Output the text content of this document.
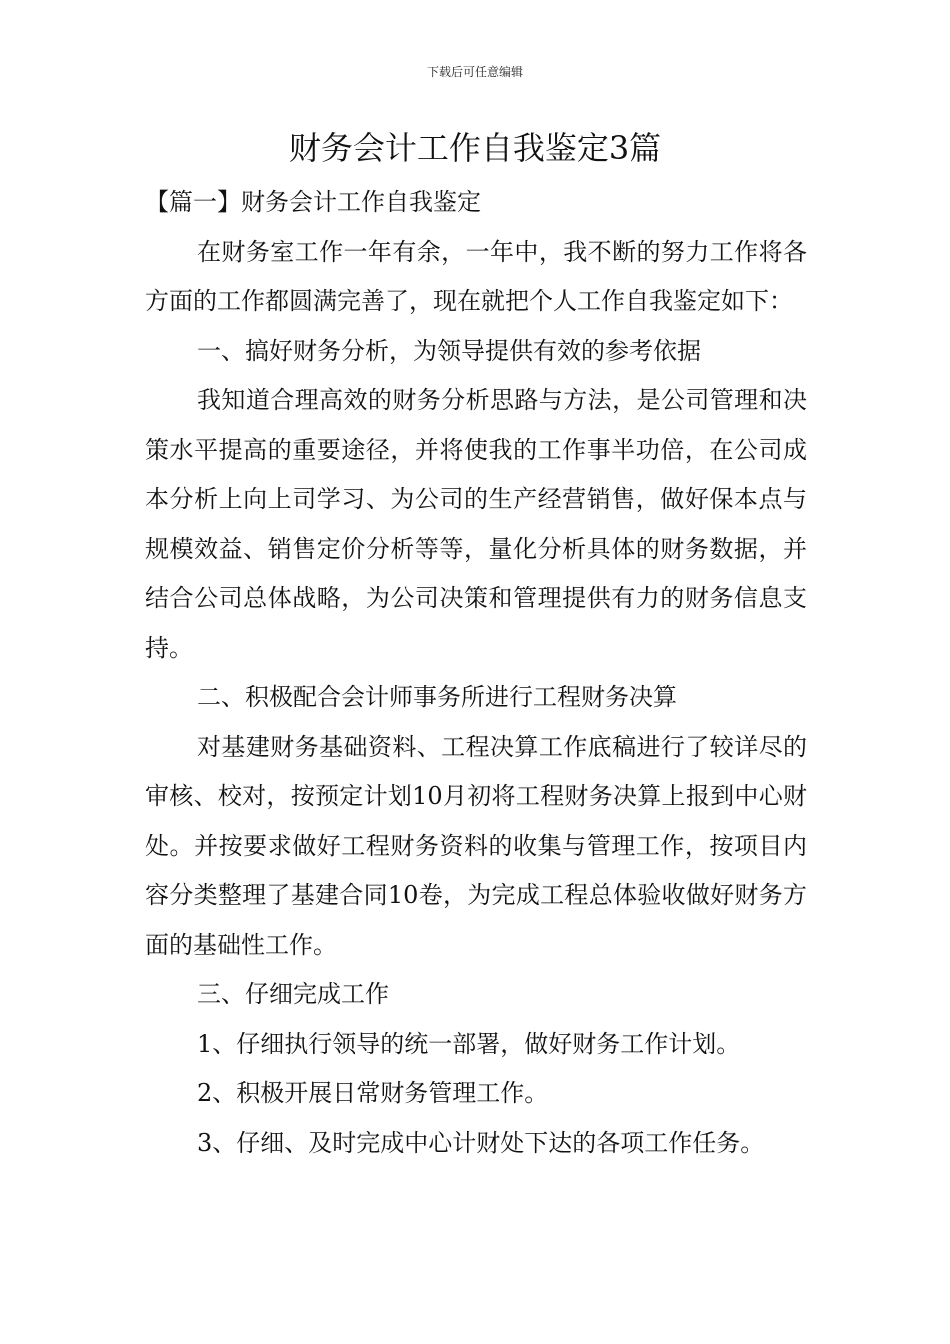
下载后可任意编辑
财务会计工作自我鉴定3篇

【篇一】财务会计工作自我鉴定

在财务室工作一年有余，一年中，我不断的努力工作将各方面的工作都圆满完善了，现在就把个人工作自我鉴定如下：

一、搞好财务分析，为领导提供有效的参考依据

我知道合理高效的财务分析思路与方法，是公司管理和决策水平提高的重要途径，并将使我的工作事半功倍，在公司成本分析上向上司学习、为公司的生产经营销售，做好保本点与规模效益、销售定价分析等等，量化分析具体的财务数据，并结合公司总体战略，为公司决策和管理提供有力的财务信息支持。

二、积极配合会计师事务所进行工程财务决算

对基建财务基础资料、工程决算工作底稿进行了较详尽的审核、校对，按预定计划10月初将工程财务决算上报到中心财处。并按要求做好工程财务资料的收集与管理工作，按项目内容分类整理了基建合同10卷，为完成工程总体验收做好财务方面的基础性工作。

三、仔细完成工作

1、仔细执行领导的统一部署，做好财务工作计划。

2、积极开展日常财务管理工作。

3、仔细、及时完成中心计财处下达的各项工作任务。
